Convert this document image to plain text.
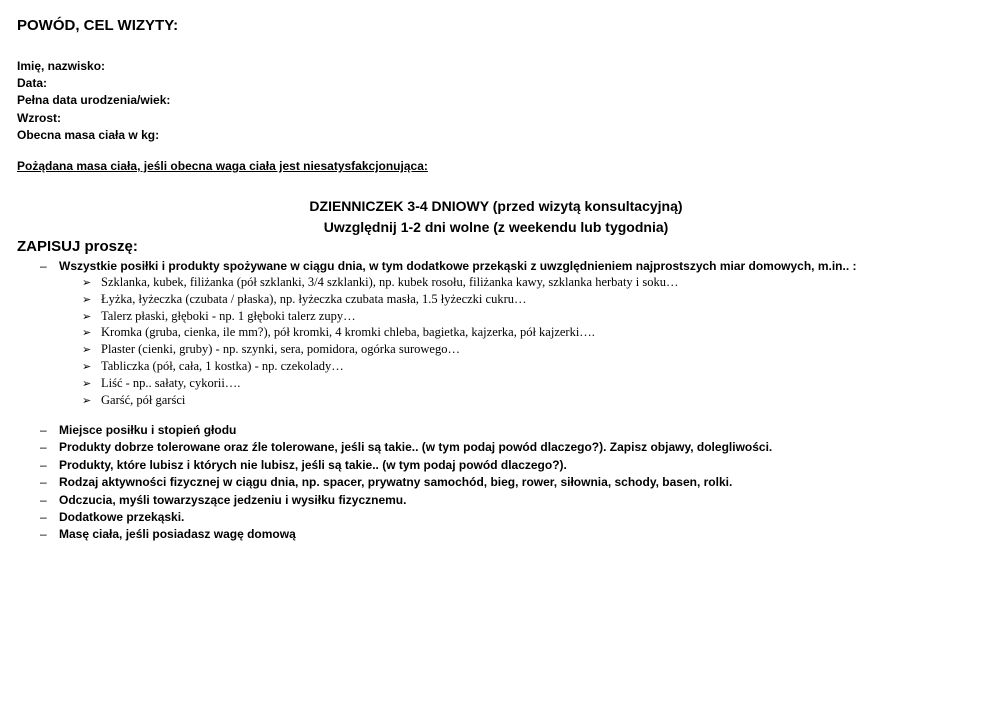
POWÓD, CEL WIZYTY:
Imię, nazwisko:
Data:
Pełna data urodzenia/wiek:
Wzrost:
Obecna masa ciała w kg:
Pożądana masa ciała, jeśli obecna waga ciała jest niesatysfakcjonująca:
DZIENNICZEK 3-4 DNIOWY (przed wizytą konsultacyjną)
Uwzględnij 1-2 dni wolne (z weekendu lub tygodnia)
ZAPISUJ proszę:
– Wszystkie posiłki i produkty spożywane w ciągu dnia, w tym dodatkowe przekąski z uwzględnieniem najprostszych miar domowych, m.in.. :
➢ Szklanka, kubek, filiżanka (pół szklanki, 3/4 szklanki), np. kubek rosołu, filiżanka kawy, szklanka herbaty i soku…
➢ Łyżka, łyżeczka (czubata / płaska), np. łyżeczka czubata masła, 1.5 łyżeczki cukru…
➢ Talerz płaski, głęboki - np. 1 głęboki talerz zupy…
➢ Kromka (gruba, cienka, ile mm?), pół kromki, 4 kromki chleba, bagietka, kajzerka, pół kajzerki….
➢ Plaster (cienki, gruby) - np. szynki, sera, pomidora, ogórka surowego…
➢ Tabliczka (pół, cała, 1 kostka) - np. czekolady…
➢ Liść - np.. sałaty, cykorii….
➢ Garść, pół garści
– Miejsce posiłku i stopień głodu
– Produkty dobrze tolerowane oraz źle tolerowane, jeśli są takie.. (w tym podaj powód dlaczego?). Zapisz objawy, dolegliwości.
– Produkty, które lubisz i których nie lubisz, jeśli są takie.. (w tym podaj powód dlaczego?).
– Rodzaj aktywności fizycznej w ciągu dnia, np. spacer, prywatny samochód, bieg, rower, siłownia, schody, basen, rolki.
– Odczucia, myśli towarzyszące jedzeniu i wysiłku fizycznemu.
– Dodatkowe przekąski.
– Masę ciała, jeśli posiadasz wagę domową
